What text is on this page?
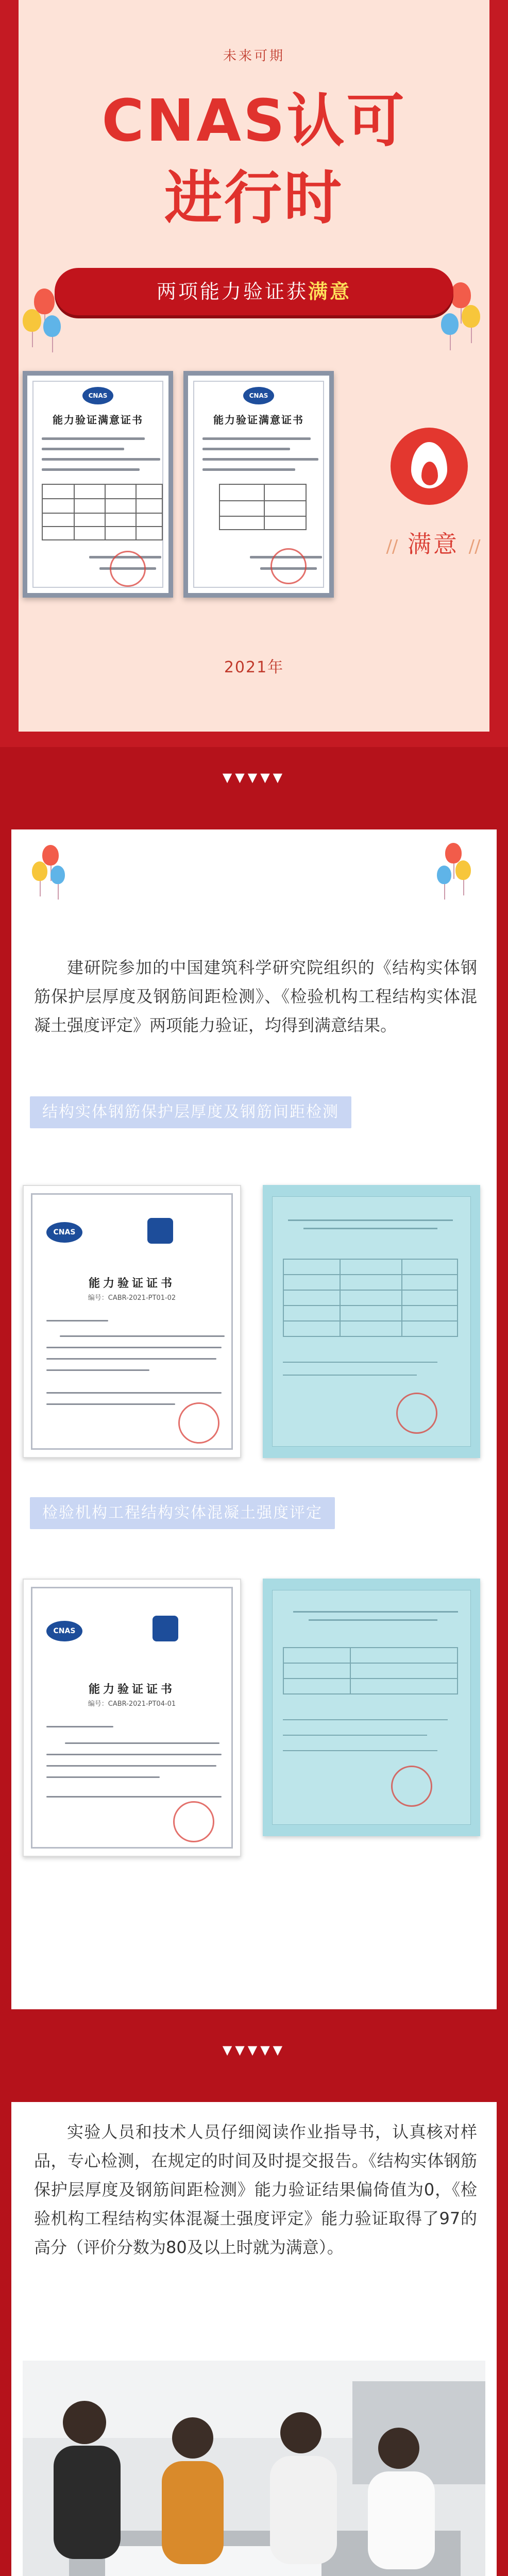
未来可期
CNAS认可
进行时
两项能力验证获满意
CNAS
能力验证满意证书
CNAS
能力验证满意证书
// 满意 //
2021年
▼▼▼▼▼

建研院参加的中国建筑科学研究院组织的《结构实体钢筋保护层厚度及钢筋间距检测》、《检验机构工程结构实体混凝土强度评定》两项能力验证，均得到满意结果。

结构实体钢筋保护层厚度及钢筋间距检测
CNAS
能力验证证书
编号：CABR-2021-PT01-02
检验机构工程结构实体混凝土强度评定
CNAS
能力验证证书
编号：CABR-2021-PT04-01
▼▼▼▼▼

实验人员和技术人员仔细阅读作业指导书，认真核对样品，专心检测，在规定的时间及时提交报告。《结构实体钢筋保护层厚度及钢筋间距检测》能力验证结果偏倚值为0，《检验机构工程结构实体混凝土强度评定》能力验证取得了97的高分（评价分数为80及以上时就为满意）。
